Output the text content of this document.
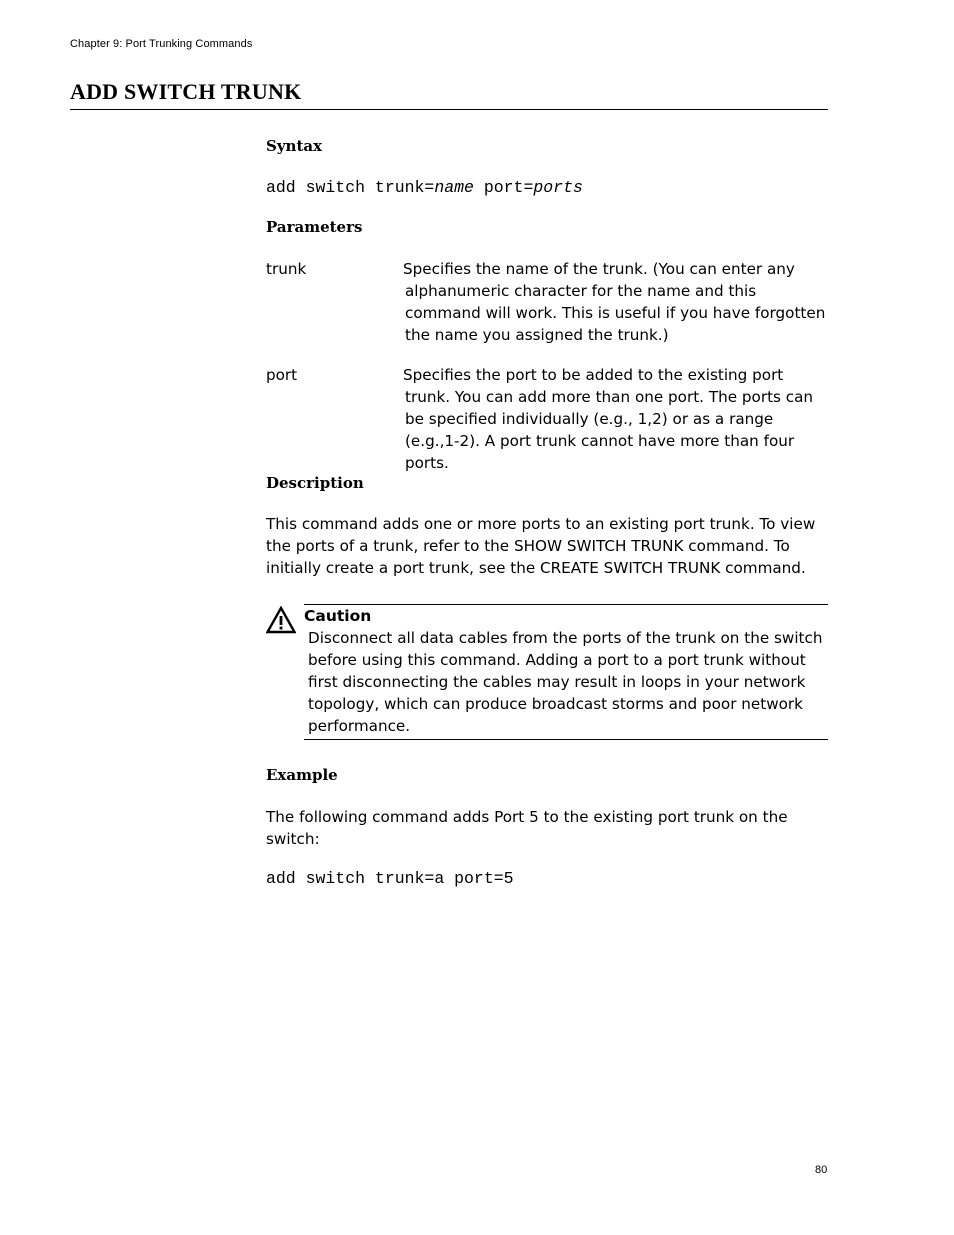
Chapter 9: Port Trunking Commands
ADD SWITCH TRUNK
Syntax
add switch trunk=name port=ports
Parameters
trunk	Specifies the name of the trunk. (You can enter any
alphanumeric character for the name and this command will work. This is useful if you have forgotten the name you assigned the trunk.)
port	Specifies the port to be added to the existing port
trunk. You can add more than one port. The ports can be specified individually (e.g., 1,2) or as a range (e.g.,1-2). A port trunk cannot have more than four ports.
Description
This command adds one or more ports to an existing port trunk. To view the ports of a trunk, refer to the SHOW SWITCH TRUNK command. To initially create a port trunk, see the CREATE SWITCH TRUNK command.
Caution
Disconnect all data cables from the ports of the trunk on the switch before using this command. Adding a port to a port trunk without first disconnecting the cables may result in loops in your network topology, which can produce broadcast storms and poor network performance.
Example
The following command adds Port 5 to the existing port trunk on the switch:
add switch trunk=a port=5
80
